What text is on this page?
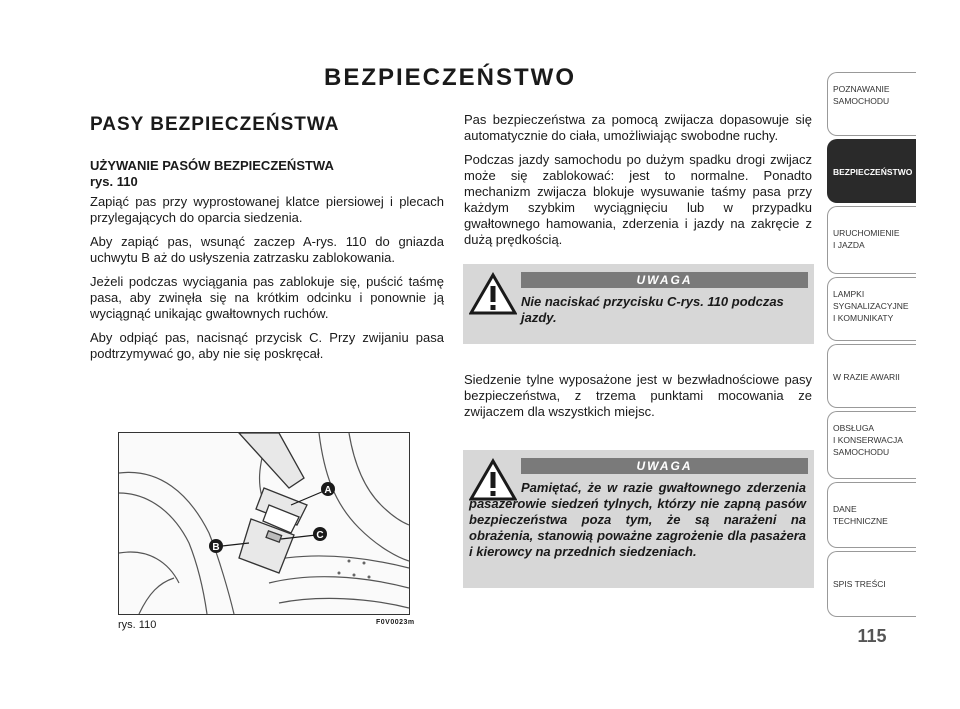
BEZPIECZEŃSTWO
PASY BEZPIECZEŃSTWA
UŻYWANIE PASÓW BEZPIECZEŃSTWA
rys. 110

Zapiąć pas przy wyprostowanej klatce piersiowej i plecach przylegających do oparcia siedzenia.

Aby zapiąć pas, wsunąć zaczep A-rys. 110 do gniazda uchwytu B aż do usłyszenia zatrzasku zablokowania.

Jeżeli podczas wyciągania pas zablokuje się, puścić taśmę pasa, aby zwinęła się na krótkim odcinku i ponownie ją wyciągnąć unikając gwałtownych ruchów.

Aby odpiąć pas, nacisnąć przycisk C. Przy zwijaniu pasa podtrzymywać go, aby nie się poskręcał.

Pas bezpieczeństwa za pomocą zwijacza dopasowuje się automatycznie do ciała, umożliwiając swobodne ruchy.

Podczas jazdy samochodu po dużym spadku drogi zwijacz może się zablokować: jest to normalne. Ponadto mechanizm zwijacza blokuje wysuwanie taśmy pasa przy każdym szybkim wyciągnięciu lub w przypadku gwałtownego hamowania, zderzenia i jazdy na zakręcie z dużą prędkością.

UWAGA
Nie naciskać przycisku C-rys. 110 podczas jazdy.

Siedzenie tylne wyposażone jest w bezwładnościowe pasy bezpieczeństwa, z trzema punktami mocowania ze zwijaczem dla wszystkich miejsc.

UWAGA
Pamiętać, że w razie gwałtownego zderzenia pasażerowie siedzeń tylnych, którzy nie zapną pasów bezpieczeństwa poza tym, że są narażeni na obrażenia, stanowią poważne zagrożenie dla pasażera i kierowcy na przednich siedzeniach.
A
C
B
rys. 110	F0V0023m
POZNAWANIE
SAMOCHODU
BEZPIECZEŃSTWO
URUCHOMIENIE
I JAZDA
LAMPKI
SYGNALIZACYJNE
I KOMUNIKATY
W RAZIE AWARII
OBSŁUGA
I KONSERWACJA
SAMOCHODU
DANE
TECHNICZNE
SPIS TREŚCI
115
